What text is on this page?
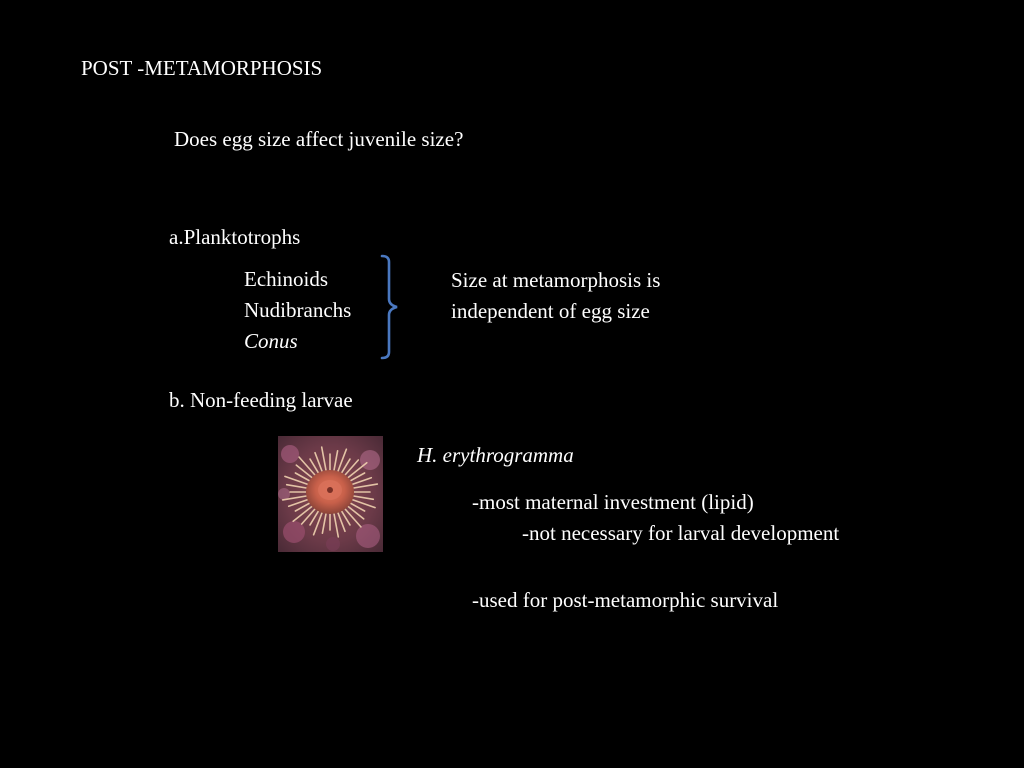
POST -METAMORPHOSIS
Does egg size affect juvenile size?
a.Planktotrophs
Echinoids
Nudibranchs
Conus
Size at metamorphosis is
independent of egg size
b. Non-feeding larvae
H. erythrogramma
-most maternal investment (lipid)
-not necessary for larval development
-used for post-metamorphic survival
